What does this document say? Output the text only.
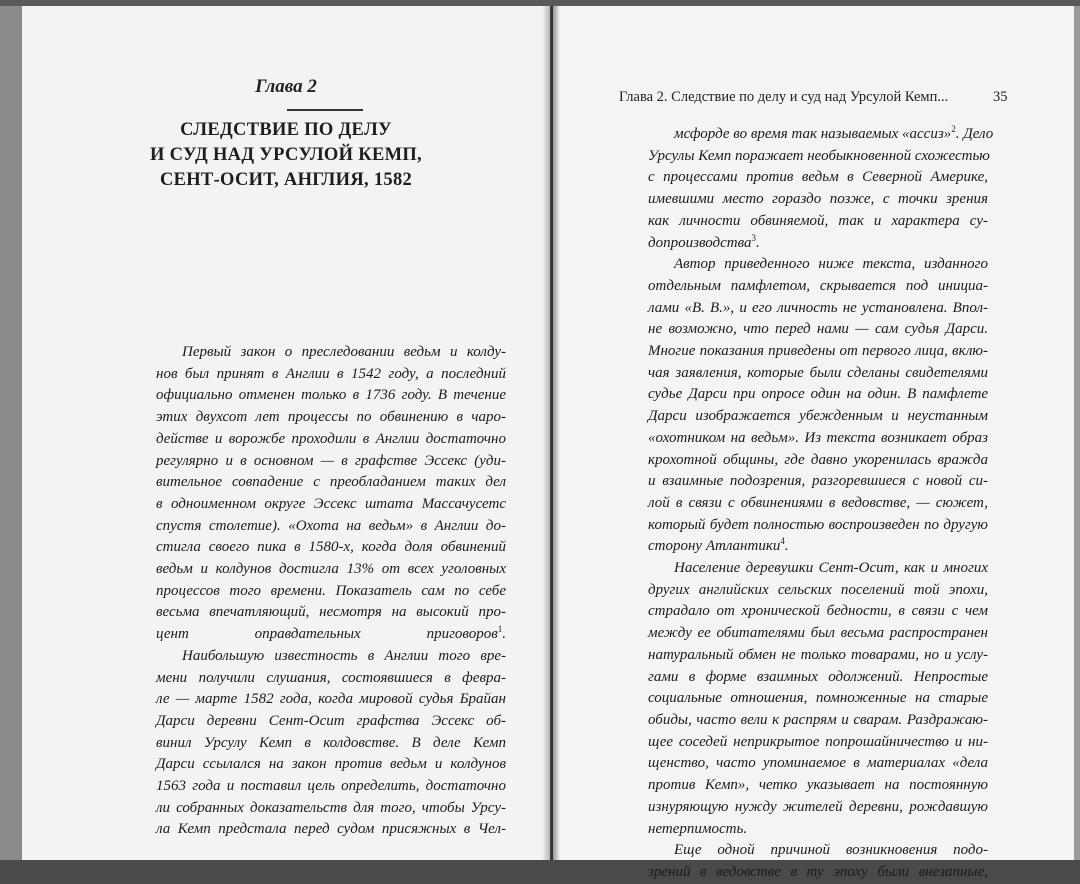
Глава 2
СЛЕДСТВИЕ ПО ДЕЛУ
И СУД НАД УРСУЛОЙ КЕМП,
СЕНТ-ОСИТ, АНГЛИЯ, 1582
Первый закон о преследовании ведьм и колду-
нов был принят в Англии в 1542 году, а последний
официально отменен только в 1736 году. В течение
этих двухсот лет процессы по обвинению в чаро-
действе и ворожбе проходили в Англии достаточно
регулярно и в основном — в графстве Эссекс (уди-
вительное совпадение с преобладанием таких дел
в одноименном округе Эссекс штата Массачусетс
спустя столетие). «Охота на ведьм» в Англии до-
стигла своего пика в 1580-х, когда доля обвинений
ведьм и колдунов достигла 13% от всех уголовных
процессов того времени. Показатель сам по себе
весьма впечатляющий, несмотря на высокий про-
цент оправдательных приговоров$^1$.
Наибольшую известность в Англии того вре-
мени получили слушания, состоявшиеся в февра-
ле — марте 1582 года, когда мировой судья Брайан
Дарси деревни Сент-Осит графства Эссекс об-
винил Урсулу Кемп в колдовстве. В деле Кемп
Дарси ссылался на закон против ведьм и колдунов
1563 года и поставил цель определить, достаточно
ли собранных доказательств для того, чтобы Урсу-
ла Кемп предстала перед судом присяжных в Чел-
Глава 2. Следствие по делу и суд над Урсулой Кемп...	35
мсфорде во время так называемых «ассиз»$^2$. Дело
Урсулы Кемп поражает необыкновенной схожестью
с процессами против ведьм в Северной Америке,
имевшими место гораздо позже, с точки зрения
как личности обвиняемой, так и характера су-
допроизводства$^3$.
Автор приведенного ниже текста, изданного
отдельным памфлетом, скрывается под инициа-
лами «В. В.», и его личность не установлена. Впол-
не возможно, что перед нами — сам судья Дарси.
Многие показания приведены от первого лица, вклю-
чая заявления, которые были сделаны свидетелями
судье Дарси при опросе один на один. В памфлете
Дарси изображается убежденным и неустанным
«охотником на ведьм». Из текста возникает образ
крохотной общины, где давно укоренилась вражда
и взаимные подозрения, разгоревшиеся с новой си-
лой в связи с обвинениями в ведовстве, — сюжет,
который будет полностью воспроизведен по другую
сторону Атлантики$^4$.
Население деревушки Сент-Осит, как и многих
других английских сельских поселений той эпохи,
страдало от хронической бедности, в связи с чем
между ее обитателями был весьма распространен
натуральный обмен не только товарами, но и услу-
гами в форме взаимных одолжений. Непростые
социальные отношения, помноженные на старые
обиды, часто вели к распрям и сварам. Раздражаю-
щее соседей неприкрытое попрошайничество и ни-
щенство, часто упоминаемое в материалах «дела
против Кемп», четко указывает на постоянную
изнуряющую нужду жителей деревни, рождавшую
нетерпимость.
Еще одной причиной возникновения подо-
зрений в ведовстве в ту эпоху были внезапные,
